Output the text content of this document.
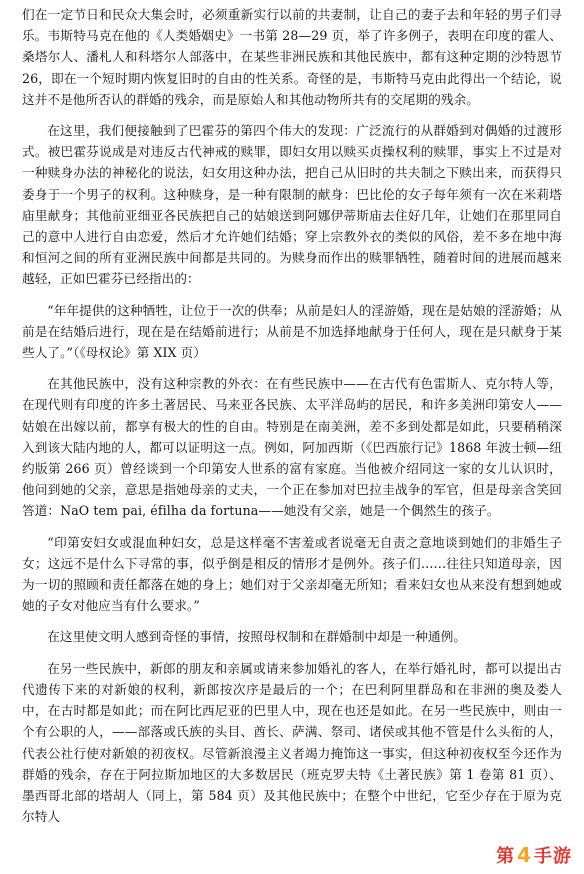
们在一定节日和民众大集会时，必须重新实行以前的共妻制，让自己的妻子去和年轻的男子们寻乐。韦斯特马克在他的《人类婚姻史》一书第 28—29 页，举了许多例子，表明在印度的霍人、桑塔尔人、潘札人和科塔尔人部落中，在某些非洲民族和其他民族中，都有这种定期的沙特恩节 26，即在一个短时期内恢复旧时的自由的性关系。奇怪的是，韦斯特马克由此得出一个结论，说这并不是他所否认的群婚的残余，而是原始人和其他动物所共有的交尾期的残余。

在这里，我们便接触到了巴霍芬的第四个伟大的发现：广泛流行的从群婚到对偶婚的过渡形式。被巴霍芬说成是对违反古代神戒的赎罪，即妇女用以赎买贞操权利的赎罪，事实上不过是对一种赎身办法的神秘化的说法，妇女用这种办法，把自己从旧时的共夫制之下赎出来，而获得只委身于一个男子的权利。这种赎身，是一种有限制的献身：巴比伦的女子每年须有一次在米莉塔庙里献身；其他前亚细亚各民族把自己的姑娘送到阿娜伊蒂斯庙去住好几年，让她们在那里同自己的意中人进行自由恋爱，然后才允许她们结婚；穿上宗教外衣的类似的风俗，差不多在地中海和恒河之间的所有亚洲民族中间都是共同的。为赎身而作出的赎罪牺牲，随着时间的进展而越来越轻，正如巴霍芬已经指出的：

“年年提供的这种牺牲，让位于一次的供奉；从前是妇人的淫游婚，现在是姑娘的淫游婚；从前是在结婚后进行，现在是在结婚前进行；从前是不加选择地献身于任何人，现在是只献身于某些人了。”（《母权论》第 XIX 页）

在其他民族中，没有这种宗教的外衣：在有些民族中——在古代有色雷斯人、克尔特人等，在现代则有印度的许多土著居民、马来亚各民族、太平洋岛屿的居民，和许多美洲印第安人——姑娘在出嫁以前，都享有极大的性的自由。特别是在南美洲，差不多到处都是如此，只要稍稍深入到该大陆内地的人，都可以证明这一点。例如，阿加西斯（《巴西旅行记》1868 年波士顿—纽约版第 266 页）曾经谈到一个印第安人世系的富有家庭。当他被介绍同这一家的女儿认识时，他问到她的父亲，意思是指她母亲的丈夫，一个正在参加对巴拉圭战争的军官，但是母亲含笑回答道：NaO tem pai, éfilha da fortuna——她没有父亲，她是一个偶然生的孩子。

“印第安妇女或混血种妇女，总是这样毫不害羞或者说毫无自责之意地谈到她们的非婚生子女；这远不是什么下寻常的事，似乎倒是相反的情形才是例外。孩子们……往往只知道母亲，因为一切的照顾和责任都落在她的身上；她们对于父亲却毫无所知；看来妇女也从来没有想到她或她的子女对他应当有什么要求。”

在这里使文明人感到奇怪的事情，按照母权制和在群婚制中却是一种通例。

在另一些民族中，新郎的朋友和亲属或请来参加婚礼的客人，在举行婚礼时，都可以提出古代遗传下来的对新娘的权利，新郎按次序是最后的一个；在巴利阿里群岛和在非洲的奥及娄人中，在古时都是如此；而在阿比西尼亚的巴里人中，现在也还是如此。在另一些民族中，则由一个有公职的人，——部落或氏族的头目、酋长、萨满、祭司、诸侯或其他不管是什么头衔的人，代表公社行使对新娘的初夜权。尽管新浪漫主义者竭力掩饰这一事实，但这种初夜权至今还作为群婚的残余，存在于阿拉斯加地区的大多数居民（班克罗夫特《土著民族》第 1 卷第 81 页）、墨西哥北部的塔胡人（同上，第 584 页）及其他民族中；在整个中世纪，它至少存在于原为克尔特人

第 4 手游
